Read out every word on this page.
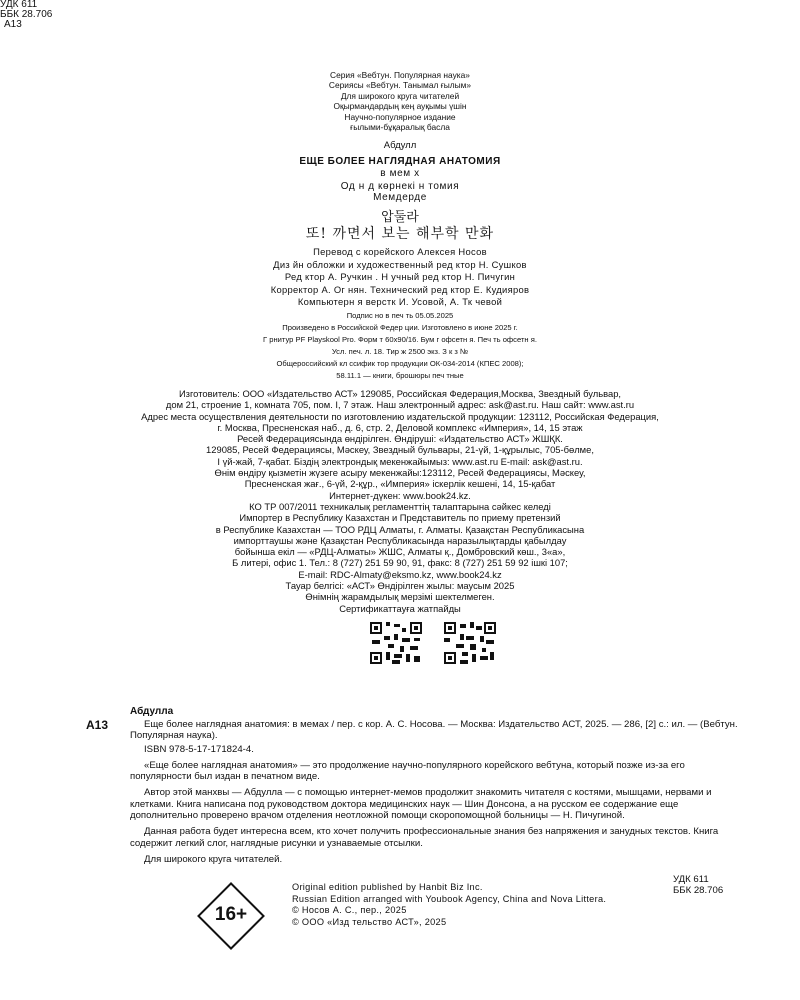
УДК 611
ББК 28.706
А13

Серия «Вебтун. Популярная наука»

Сериясы «Вебтун. Танымал ғылым»

Для широкого круга читателей

Оқырмандардың кең ауқымы үшін

Научно-популярное издание

ғылыми-бұқаралық басла

Абдулл
ЕЩЕ БОЛЕЕ НАГЛЯДНАЯ АНАТОМИЯ
в мем х
Од н д көрнекі н томия
Мемдерде
압둘라
또! 까면서 보는 해부학 만화

Перевод с корейского Алексея Носов

Диз йн обложки и художественный ред ктор Н. Сушков

Ред ктор А. Ручкин . Н учный ред ктор Н. Пичугин

Корректор А. Ог нян. Технический ред ктор Е. Кудияров

Компьютерн я верстк И. Усовой, А. Тк чевой

Подпис но в печ ть 05.05.2025

Произведено в Российской Федер ции. Изготовлено в июне 2025 г.

Г рнитур PF Playskool Pro. Форм т 60x90/16. Бум г офсетн я. Печ ть офсетн я.

Усл. печ. л. 18. Тир ж 2500 экз. З к з №

Общероссийский кл ссифик тор продукции ОК-034-2014 (КПЕС 2008);

58.11.1 — книги, брошюры печ тные

Изготовитель: ООО «Издательство АСТ» 129085, Российская Федерация,Москва, Звездный бульвар,

дом 21, строение 1, комната 705, пом. I, 7 этаж. Наш электронный адрес: ask@ast.ru. Наш сайт: www.ast.ru

Адрес места осуществления деятельности по изготовлению издательской продукции: 123112, Российская Федерация,

г. Москва, Пресненская наб., д. 6, стр. 2, Деловой комплекс «Империя», 14, 15 этаж

Ресей Федерациясында өндірілген. Өндіруші: «Издательство АСТ» ЖШҚК.

129085, Ресей Федерациясы, Мәскеу, Звездный бульвары, 21-үй, 1-құрылыс, 705-бөлме,

I үй-жай, 7-қабат. Біздің электрондық мекенжайымыз: www.ast.ru E-mail: ask@ast.ru.

Өнім өндіру қызметін жүзеге асыру мекенжайы:123112, Ресей Федерациясы, Мәскеу,

Пресненская жағ., 6-үй, 2-құр., «Империя» іскерлік кешені, 14, 15-қабат

Интернет-дүкен: www.book24.kz.

КО ТР 007/2011 техникалық регламенттің талаптарына сәйкес келеді

Импортер в Республику Казахстан и Представитель по приему претензий

в Республике Казахстан — ТОО РДЦ Алматы, г. Алматы. Қазақстан Республикасына

импорттаушы және Қазақстан Республикасында наразылықтарды қабылдау

бойынша екіл — «РДЦ-Алматы» ЖШС, Алматы қ., Домбровский көш., 3«а»,

Б литері, офис 1. Тел.: 8 (727) 251 59 90, 91, факс: 8 (727) 251 59 92 ішкі 107;

E-mail: RDC-Almaty@eksmo.kz, www.book24.kz

Тауар белгісі: «АСТ» Өндірілген жылы: маусым 2025

Өнімнің жарамдылық мерзімі шектелмеген.

Сертификаттауға жатпайды

Абдулла
А13	Еще более наглядная анатомия: в мемах / пер. с кор. А. С. Носова. — Москва: Издательство АСТ, 2025. — 286, [2] с.: ил. — (Вебтун. Популярная наука).

ISBN 978-5-17-171824-4.

«Еще более наглядная анатомия» — это продолжение научно-популярного корейского вебтуна, который позже из-за его популярности был издан в печатном виде.

Автор этой манхвы — Абдулла — с помощью интернет-мемов продолжит знакомить читателя с костями, мышцами, нервами и клетками. Книга написана под руководством доктора медицинских наук — Шин Донсона, а на русском ее содержание еще дополнительно проверено врачом отделения неотложной помощи скоропомощной больницы — Н. Пичугиной.

Данная работа будет интересна всем, кто хочет получить профессиональные знания без напряжения и занудных текстов. Книга содержит легкий слог, наглядные рисунки и узнаваемые отсылки.

Для широкого круга читателей.

16+

Original edition published by Hanbit Biz Inc.

Russian Edition arranged with Youbook Agency, China and Nova Littera.

© Носов А. С., пер., 2025

© ООО «Изд тельство АСТ», 2025

УДК 611
ББК 28.706
